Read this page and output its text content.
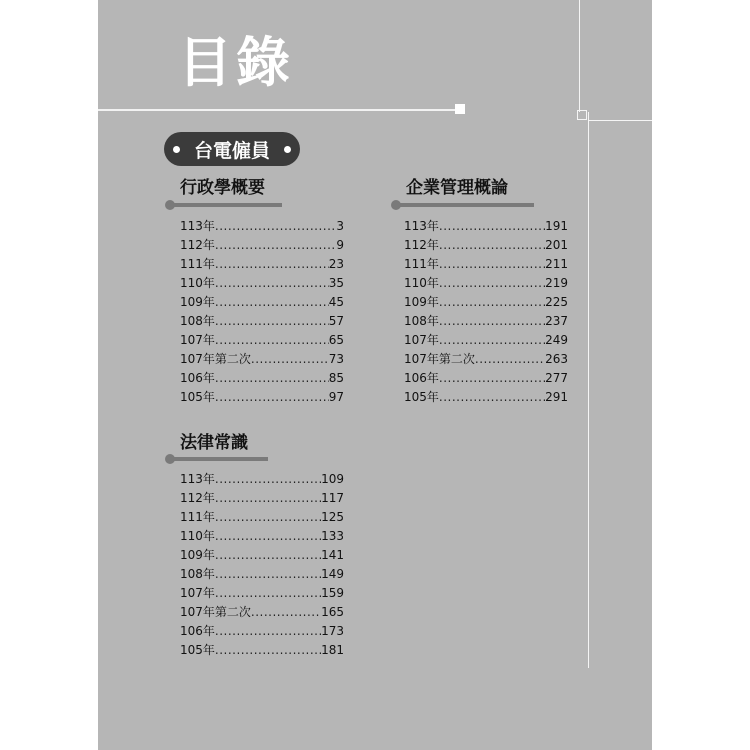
目錄
台電僱員
行政學概要
113年 .....	3
112年 .....	9
111年 .....	23
110年 .....	35
109年 .....	45
108年 .....	57
107年 .....	65
107年第二次 .....	73
106年 .....	85
105年 .....	97
企業管理概論
113年 .....	191
112年 .....	201
111年 .....	211
110年 .....	219
109年 .....	225
108年 .....	237
107年 .....	249
107年第二次 .....	263
106年 .....	277
105年 .....	291
法律常識
113年 .....	109
112年 .....	117
111年 .....	125
110年 .....	133
109年 .....	141
108年 .....	149
107年 .....	159
107年第二次 .....	165
106年 .....	173
105年 .....	181
